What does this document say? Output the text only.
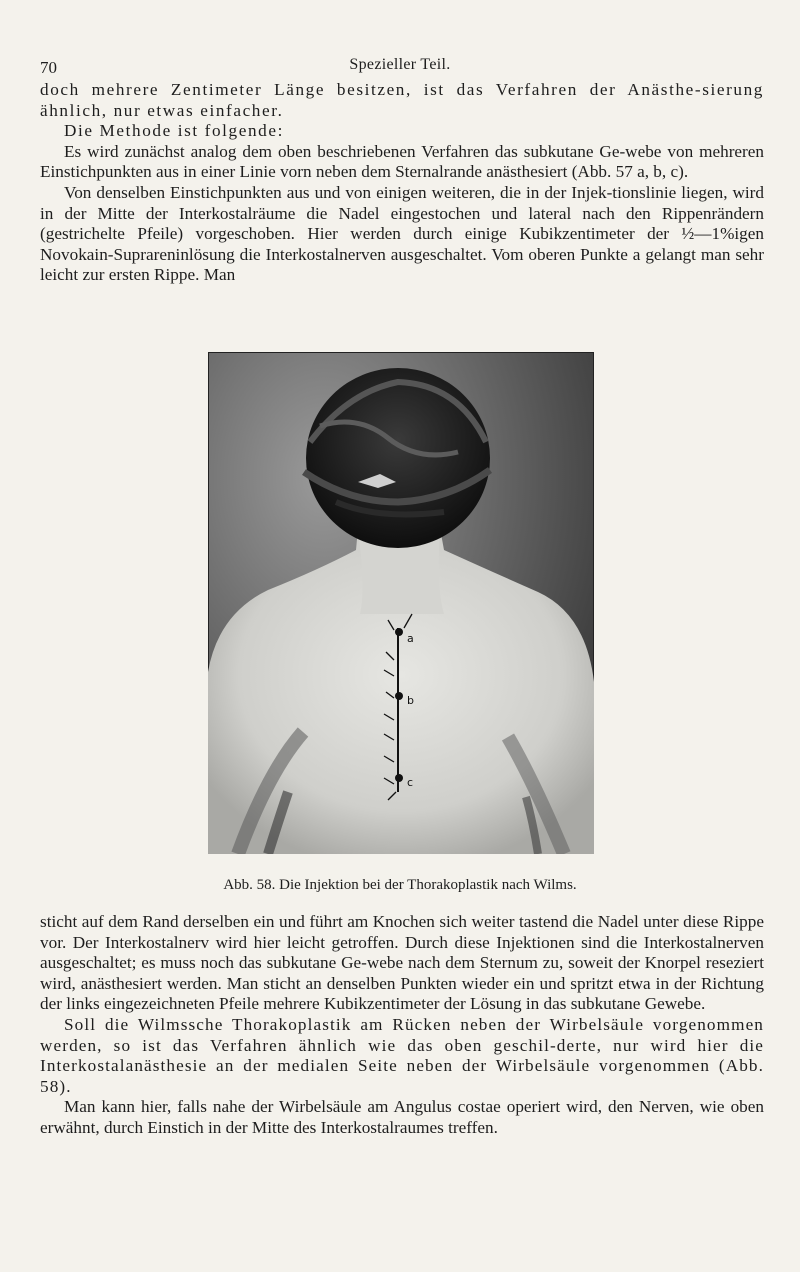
70	Spezieller Teil.

doch mehrere Zentimeter Länge besitzen, ist das Verfahren der Anästhe-sierung ähnlich, nur etwas einfacher.

Die Methode ist folgende:

Es wird zunächst analog dem oben beschriebenen Verfahren das subkutane Ge-webe von mehreren Einstichpunkten aus in einer Linie vorn neben dem Sternalrande anästhesiert (Abb. 57 a, b, c).

Von denselben Einstichpunkten aus und von einigen weiteren, die in der Injek-tionslinie liegen, wird in der Mitte der Interkostalräume die Nadel eingestochen und lateral nach den Rippenrändern (gestrichelte Pfeile) vorgeschoben. Hier werden durch einige Kubikzentimeter der ½—1%igen Novokain-Suprareninlösung die Interkostalnerven ausgeschaltet. Vom oberen Punkte a gelangt man sehr leicht zur ersten Rippe. Man

a
b
c
Abb. 58. Die Injektion bei der Thorakoplastik nach Wilms.

sticht auf dem Rand derselben ein und führt am Knochen sich weiter tastend die Nadel unter diese Rippe vor. Der Interkostalnerv wird hier leicht getroffen. Durch diese Injektionen sind die Interkostalnerven ausgeschaltet; es muss noch das subkutane Ge-webe nach dem Sternum zu, soweit der Knorpel reseziert wird, anästhesiert werden. Man sticht an denselben Punkten wieder ein und spritzt etwa in der Richtung der links eingezeichneten Pfeile mehrere Kubikzentimeter der Lösung in das subkutane Gewebe.

Soll die Wilmssche Thorakoplastik am Rücken neben der Wirbelsäule vorgenommen werden, so ist das Verfahren ähnlich wie das oben geschil-derte, nur wird hier die Interkostalanästhesie an der medialen Seite neben der Wirbelsäule vorgenommen (Abb. 58).

Man kann hier, falls nahe der Wirbelsäule am Angulus costae operiert wird, den Nerven, wie oben erwähnt, durch Einstich in der Mitte des Interkostalraumes treffen.
